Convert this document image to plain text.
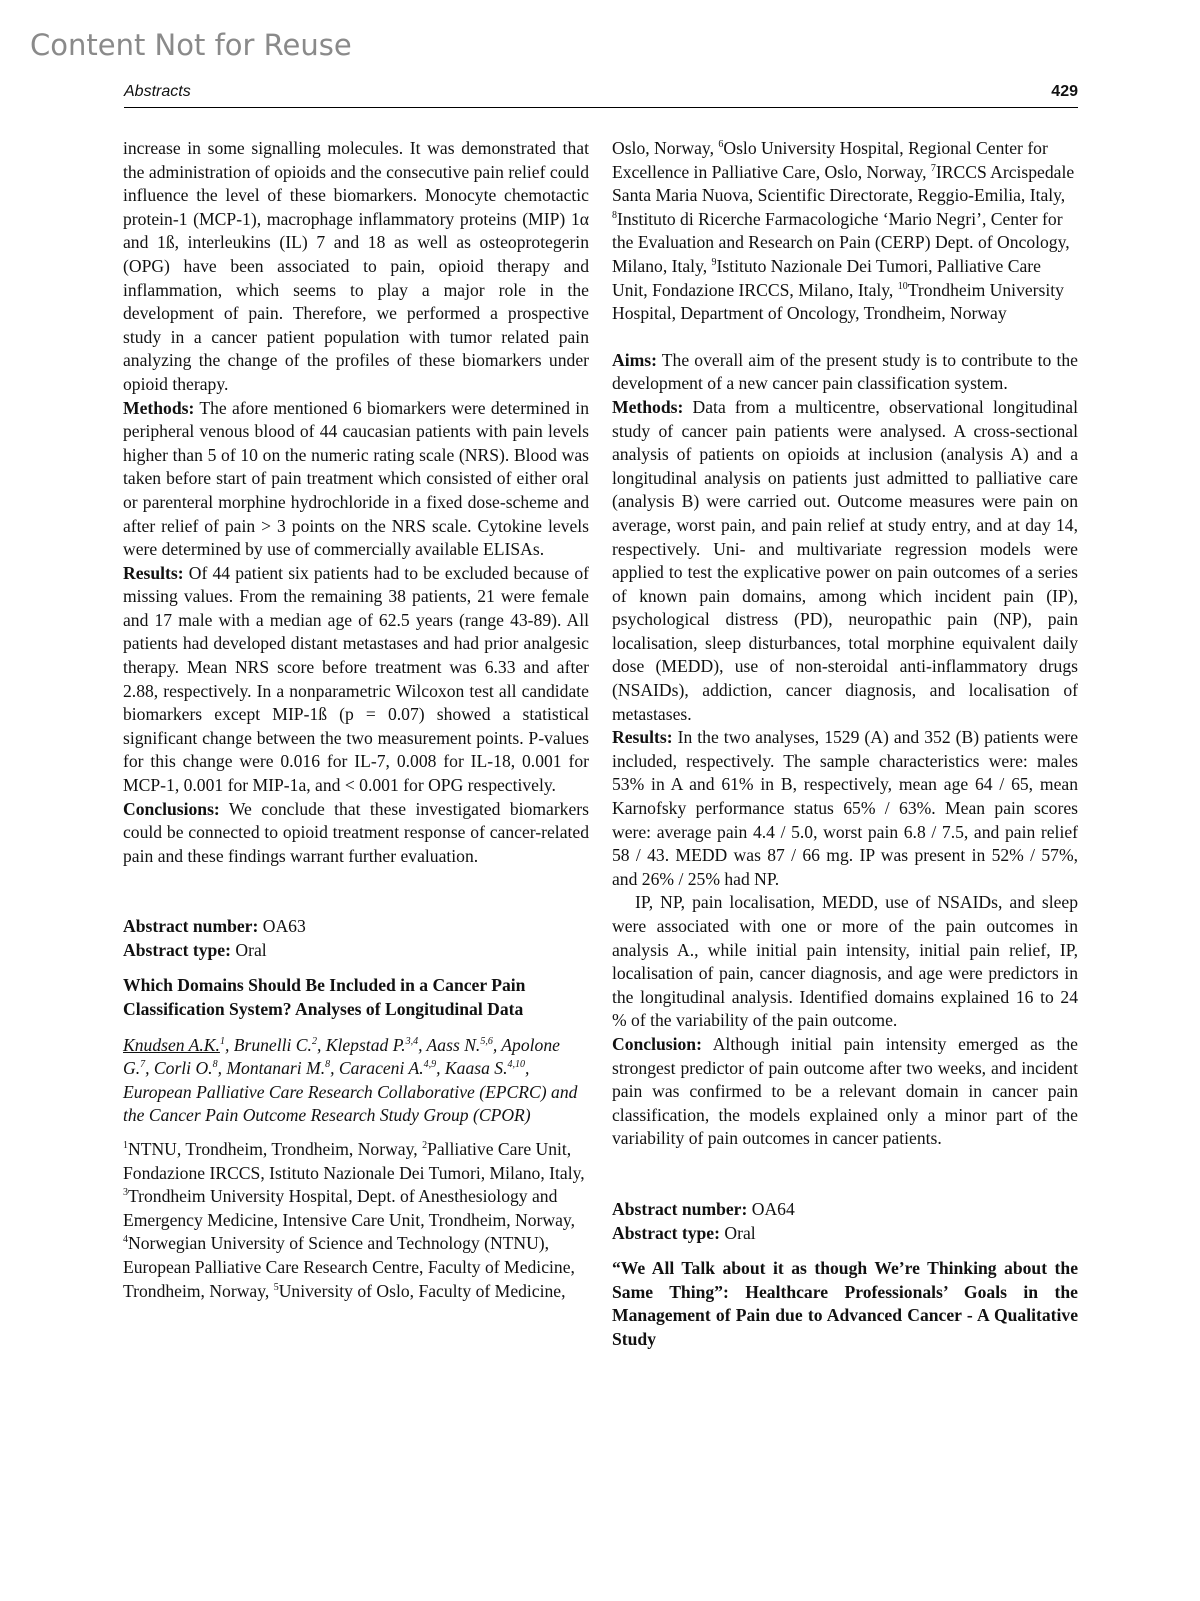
Content Not for Reuse
Abstracts	429

increase in some signalling molecules. It was demonstrated that the administration of opioids and the consecutive pain relief could influence the level of these biomarkers. Monocyte chemotactic protein-1 (MCP-1), macrophage inflammatory proteins (MIP) 1α and 1ß, interleukins (IL) 7 and 18 as well as osteoprotegerin (OPG) have been associated to pain, opioid therapy and inflammation, which seems to play a major role in the development of pain. Therefore, we performed a prospective study in a cancer patient population with tumor related pain analyzing the change of the profiles of these biomarkers under opioid therapy.

Methods: The afore mentioned 6 biomarkers were determined in peripheral venous blood of 44 caucasian patients with pain levels higher than 5 of 10 on the numeric rating scale (NRS). Blood was taken before start of pain treatment which consisted of either oral or parenteral morphine hydrochloride in a fixed dose-scheme and after relief of pain > 3 points on the NRS scale. Cytokine levels were determined by use of commercially available ELISAs.

Results: Of 44 patient six patients had to be excluded because of missing values. From the remaining 38 patients, 21 were female and 17 male with a median age of 62.5 years (range 43-89). All patients had developed distant metastases and had prior analgesic therapy. Mean NRS score before treatment was 6.33 and after 2.88, respectively. In a nonparametric Wilcoxon test all candidate biomarkers except MIP-1ß (p = 0.07) showed a statistical significant change between the two measurement points. P-values for this change were 0.016 for IL-7, 0.008 for IL-18, 0.001 for MCP-1, 0.001 for MIP-1a, and < 0.001 for OPG respectively.

Conclusions: We conclude that these investigated biomarkers could be connected to opioid treatment response of cancer-related pain and these findings warrant further evaluation.

Abstract number: OA63

Abstract type: Oral

Which Domains Should Be Included in a Cancer Pain Classification System? Analyses of Longitudinal Data

Knudsen A.K.$^1$, Brunelli C.$^2$, Klepstad P.$^{3,4}$, Aass N.$^{5,6}$, Apolone G.$^7$, Corli O.$^8$, Montanari M.$^8$, Caraceni A.$^{4,9}$, Kaasa S.$^{4,10}$, European Palliative Care Research Collaborative (EPCRC) and the Cancer Pain Outcome Research Study Group (CPOR)

$^1$NTNU, Trondheim, Trondheim, Norway, $^2$Palliative Care Unit, Fondazione IRCCS, Istituto Nazionale Dei Tumori, Milano, Italy, $^3$Trondheim University Hospital, Dept. of Anesthesiology and Emergency Medicine, Intensive Care Unit, Trondheim, Norway, $^4$Norwegian University of Science and Technology (NTNU), European Palliative Care Research Centre, Faculty of Medicine, Trondheim, Norway, $^5$University of Oslo, Faculty of Medicine,

Oslo, Norway, $^6$Oslo University Hospital, Regional Center for Excellence in Palliative Care, Oslo, Norway, $^7$IRCCS Arcispedale Santa Maria Nuova, Scientific Directorate, Reggio-Emilia, Italy, $^8$Instituto di Ricerche Farmacologiche ‘Mario Negri’, Center for the Evaluation and Research on Pain (CERP) Dept. of Oncology, Milano, Italy, $^9$Istituto Nazionale Dei Tumori, Palliative Care Unit, Fondazione IRCCS, Milano, Italy, $^{10}$Trondheim University Hospital, Department of Oncology, Trondheim, Norway

Aims: The overall aim of the present study is to contribute to the development of a new cancer pain classification system.

Methods: Data from a multicentre, observational longitudinal study of cancer pain patients were analysed. A cross-sectional analysis of patients on opioids at inclusion (analysis A) and a longitudinal analysis on patients just admitted to palliative care (analysis B) were carried out. Outcome measures were pain on average, worst pain, and pain relief at study entry, and at day 14, respectively. Uni- and multivariate regression models were applied to test the explicative power on pain outcomes of a series of known pain domains, among which incident pain (IP), psychological distress (PD), neuropathic pain (NP), pain localisation, sleep disturbances, total morphine equivalent daily dose (MEDD), use of non-steroidal anti-inflammatory drugs (NSAIDs), addiction, cancer diagnosis, and localisation of metastases.

Results: In the two analyses, 1529 (A) and 352 (B) patients were included, respectively. The sample characteristics were: males 53% in A and 61% in B, respectively, mean age 64 / 65, mean Karnofsky performance status 65% / 63%. Mean pain scores were: average pain 4.4 / 5.0, worst pain 6.8 / 7.5, and pain relief 58 / 43. MEDD was 87 / 66 mg. IP was present in 52% / 57%, and 26% / 25% had NP.

IP, NP, pain localisation, MEDD, use of NSAIDs, and sleep were associated with one or more of the pain outcomes in analysis A., while initial pain intensity, initial pain relief, IP, localisation of pain, cancer diagnosis, and age were predictors in the longitudinal analysis. Identified domains explained 16 to 24 % of the variability of the pain outcome.

Conclusion: Although initial pain intensity emerged as the strongest predictor of pain outcome after two weeks, and incident pain was confirmed to be a relevant domain in cancer pain classification, the models explained only a minor part of the variability of pain outcomes in cancer patients.

Abstract number: OA64

Abstract type: Oral

“We All Talk about it as though We’re Thinking about the Same Thing”: Healthcare Professionals’ Goals in the Management of Pain due to Advanced Cancer - A Qualitative Study
